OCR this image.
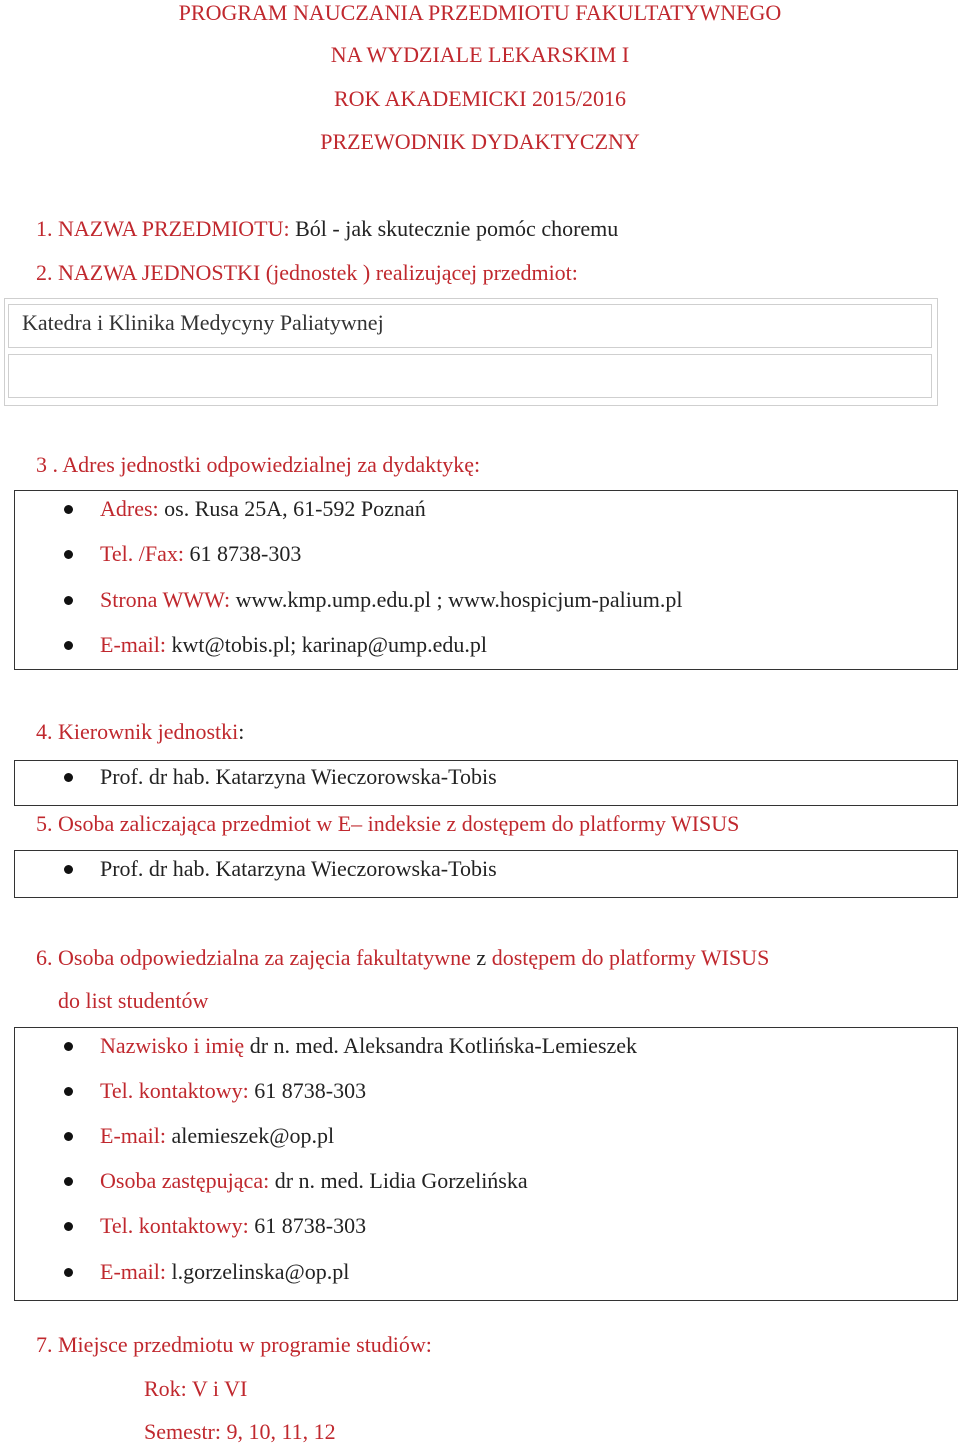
PROGRAM NAUCZANIA PRZEDMIOTU FAKULTATYWNEGO
NA WYDZIALE LEKARSKIM I
ROK AKADEMICKI 2015/2016
PRZEWODNIK DYDAKTYCZNY
1. NAZWA PRZEDMIOTU: Ból - jak skutecznie pomóc choremu
2. NAZWA JEDNOSTKI (jednostek ) realizującej przedmiot:
Katedra i Klinika Medycyny Paliatywnej
3 . Adres jednostki odpowiedzialnej za dydaktykę:
Adres: os. Rusa 25A, 61-592 Poznań
Tel. /Fax: 61 8738-303
Strona WWW: www.kmp.ump.edu.pl ; www.hospicjum-palium.pl
E-mail: kwt@tobis.pl; karinap@ump.edu.pl
4. Kierownik jednostki:
Prof. dr hab. Katarzyna Wieczorowska-Tobis
5. Osoba zaliczająca przedmiot w E– indeksie z dostępem do platformy WISUS
Prof. dr hab. Katarzyna Wieczorowska-Tobis
6. Osoba odpowiedzialna za zajęcia fakultatywne z dostępem do platformy WISUS
do list studentów
Nazwisko i imię dr n. med. Aleksandra Kotlińska-Lemieszek
Tel. kontaktowy: 61 8738-303
E-mail: alemieszek@op.pl
Osoba zastępująca: dr n. med. Lidia Gorzelińska
Tel. kontaktowy: 61 8738-303
E-mail: l.gorzelinska@op.pl
7. Miejsce przedmiotu w programie studiów:
Rok: V i VI
Semestr: 9, 10, 11, 12
